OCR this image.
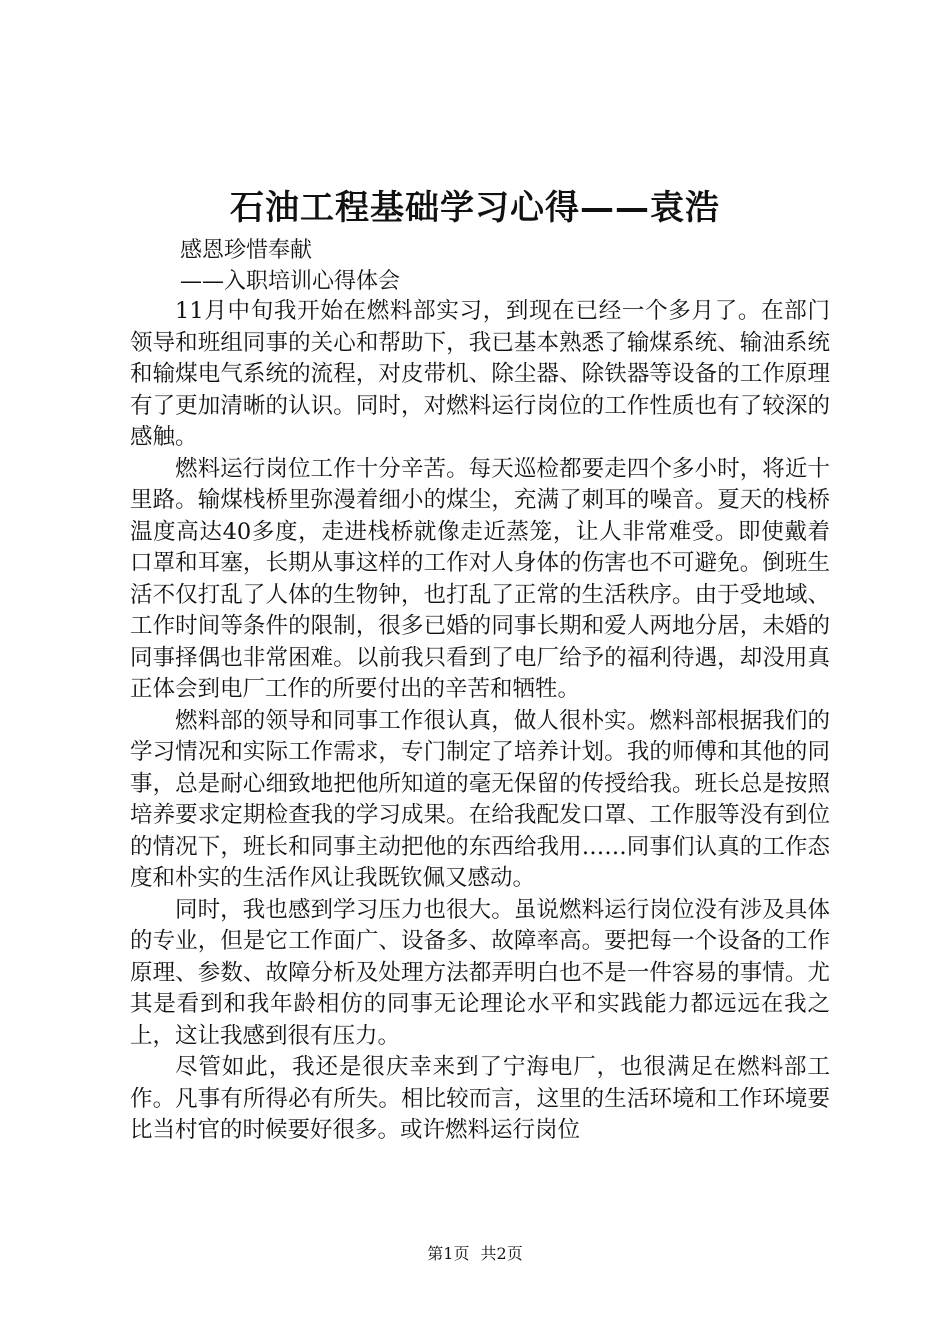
石油工程基础学习心得——袁浩
感恩珍惜奉献
——入职培训心得体会

11月中旬我开始在燃料部实习，到现在已经一个多月了。在部门领导和班组同事的关心和帮助下，我已基本熟悉了输煤系统、输油系统和输煤电气系统的流程，对皮带机、除尘器、除铁器等设备的工作原理有了更加清晰的认识。同时，对燃料运行岗位的工作性质也有了较深的感触。

燃料运行岗位工作十分辛苦。每天巡检都要走四个多小时，将近十里路。输煤栈桥里弥漫着细小的煤尘，充满了刺耳的噪音。夏天的栈桥温度高达40多度，走进栈桥就像走近蒸笼，让人非常难受。即使戴着口罩和耳塞，长期从事这样的工作对人身体的伤害也不可避免。倒班生活不仅打乱了人体的生物钟，也打乱了正常的生活秩序。由于受地域、工作时间等条件的限制，很多已婚的同事长期和爱人两地分居，未婚的同事择偶也非常困难。以前我只看到了电厂给予的福利待遇，却没用真正体会到电厂工作的所要付出的辛苦和牺牲。

燃料部的领导和同事工作很认真，做人很朴实。燃料部根据我们的学习情况和实际工作需求，专门制定了培养计划。我的师傅和其他的同事，总是耐心细致地把他所知道的毫无保留的传授给我。班长总是按照培养要求定期检查我的学习成果。在给我配发口罩、工作服等没有到位的情况下，班长和同事主动把他的东西给我用……同事们认真的工作态度和朴实的生活作风让我既钦佩又感动。

同时，我也感到学习压力也很大。虽说燃料运行岗位没有涉及具体的专业，但是它工作面广、设备多、故障率高。要把每一个设备的工作原理、参数、故障分析及处理方法都弄明白也不是一件容易的事情。尤其是看到和我年龄相仿的同事无论理论水平和实践能力都远远在我之上，这让我感到很有压力。

尽管如此，我还是很庆幸来到了宁海电厂，也很满足在燃料部工作。凡事有所得必有所失。相比较而言，这里的生活环境和工作环境要比当村官的时候要好很多。或许燃料运行岗位

第1页 共2页
